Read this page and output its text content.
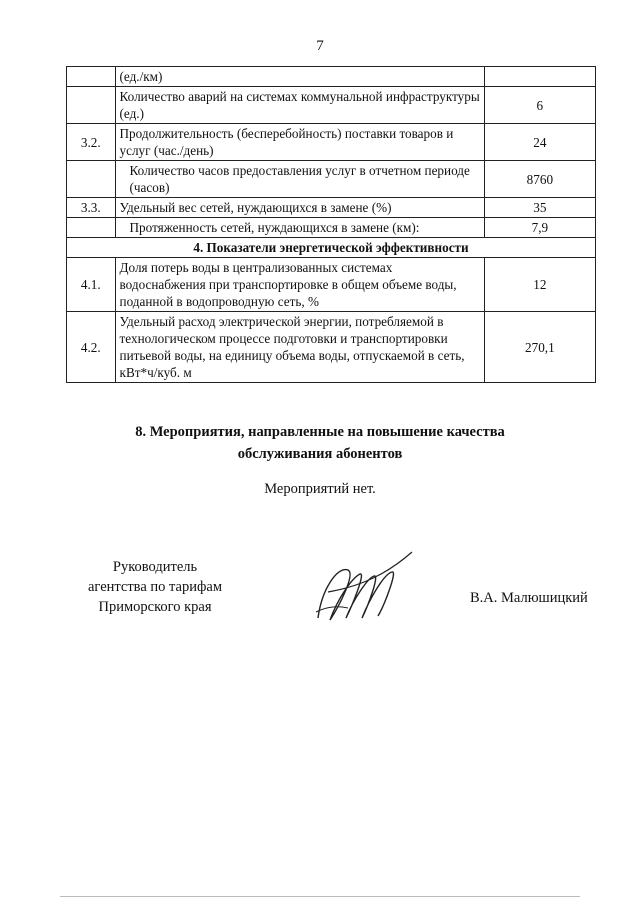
7
	(ед./км)	
	Количество аварий на системах коммунальной инфраструктуры (ед.)	6
3.2.	Продолжительность (бесперебойность) поставки товаров и услуг (час./день)	24
	Количество часов предоставления услуг в отчетном периоде (часов)	8760
3.3.	Удельный вес сетей, нуждающихся в замене (%)	35
	Протяженность сетей, нуждающихся в замене (км):	7,9
4. Показатели энергетической эффективности		
4.1.	Доля потерь воды в централизованных системах водоснабжения при транспортировке в общем объеме воды, поданной в водопроводную сеть, %	12
4.2.	Удельный расход электрической энергии, потребляемой в технологическом процессе подготовки и транспортировки питьевой воды, на единицу объема воды, отпускаемой в сеть, кВт*ч/куб. м	270,1
8. Мероприятия, направленные на повышение качества
обслуживания абонентов
Мероприятий нет.
Руководитель
агентства по тарифам
Приморского края
В.А. Малюшицкий
